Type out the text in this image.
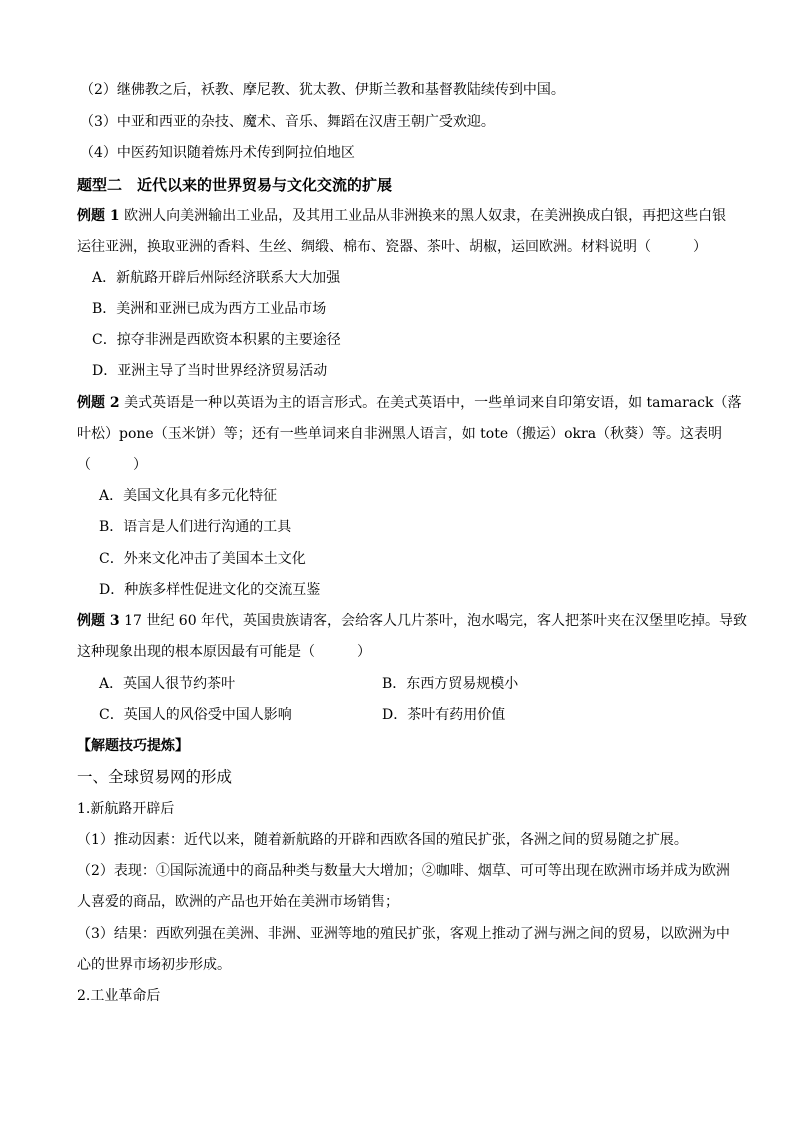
（2）继佛教之后，袄教、摩尼教、犹太教、伊斯兰教和基督教陆续传到中国。
（3）中亚和西亚的杂技、魔术、音乐、舞蹈在汉唐王朝广受欢迎。
（4）中医药知识随着炼丹术传到阿拉伯地区
题型二　近代以来的世界贸易与文化交流的扩展
例题 1 欧洲人向美洲输出工业品，及其用工业品从非洲换来的黑人奴隶，在美洲换成白银，再把这些白银
运往亚洲，换取亚洲的香料、生丝、绸缎、棉布、瓷器、茶叶、胡椒，运回欧洲。材料说明（　　　）
A．新航路开辟后州际经济联系大大加强
B．美洲和亚洲已成为西方工业品市场
C．掠夺非洲是西欧资本积累的主要途径
D．亚洲主导了当时世界经济贸易活动
例题 2 美式英语是一种以英语为主的语言形式。在美式英语中，一些单词来自印第安语，如 tamarack（落
叶松）pone（玉米饼）等；还有一些单词来自非洲黑人语言，如 tote（搬运）okra（秋葵）等。这表明
（　　　）
A．美国文化具有多元化特征
B．语言是人们进行沟通的工具
C．外来文化冲击了美国本土文化
D．种族多样性促进文化的交流互鉴
例题 3 17 世纪 60 年代，英国贵族请客，会给客人几片茶叶，泡水喝完，客人把茶叶夹在汉堡里吃掉。导致
这种现象出现的根本原因最有可能是（　　　）
A．英国人很节约茶叶	B．东西方贸易规模小
C．英国人的风俗受中国人影响	D．茶叶有药用价值
【解题技巧提炼】
一、全球贸易网的形成
1.新航路开辟后
（1）推动因素：近代以来，随着新航路的开辟和西欧各国的殖民扩张，各洲之间的贸易随之扩展。
（2）表现：①国际流通中的商品种类与数量大大增加；②咖啡、烟草、可可等出现在欧洲市场并成为欧洲
人喜爱的商品，欧洲的产品也开始在美洲市场销售；
（3）结果：西欧列强在美洲、非洲、亚洲等地的殖民扩张，客观上推动了洲与洲之间的贸易，以欧洲为中
心的世界市场初步形成。
2.工业革命后
